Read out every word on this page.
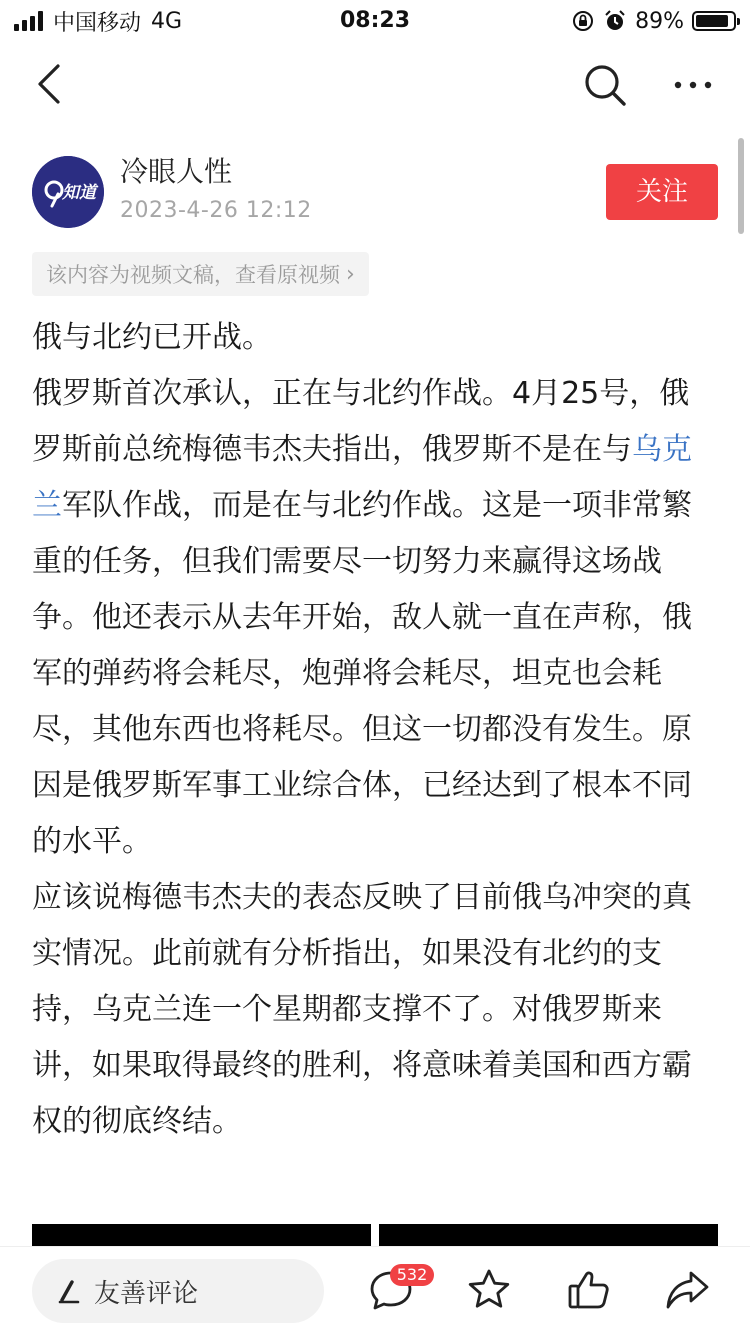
中国移动 4G	08:23	89%
知道
冷眼人性
2023-4-26 12:12
关注
该内容为视频文稿，查看原视频 ›

俄与北约已开战。

俄罗斯首次承认，正在与北约作战。4月25号，俄罗斯前总统梅德韦杰夫指出，俄罗斯不是在与乌克兰军队作战，而是在与北约作战。这是一项非常繁重的任务，但我们需要尽一切努力来赢得这场战争。他还表示从去年开始，敌人就一直在声称，俄军的弹药将会耗尽，炮弹将会耗尽，坦克也会耗尽，其他东西也将耗尽。但这一切都没有发生。原因是俄罗斯军事工业综合体，已经达到了根本不同的水平。

应该说梅德韦杰夫的表态反映了目前俄乌冲突的真实情况。此前就有分析指出，如果没有北约的支持，乌克兰连一个星期都支撑不了。对俄罗斯来讲，如果取得最终的胜利，将意味着美国和西方霸权的彻底终结。

友善评论
532
